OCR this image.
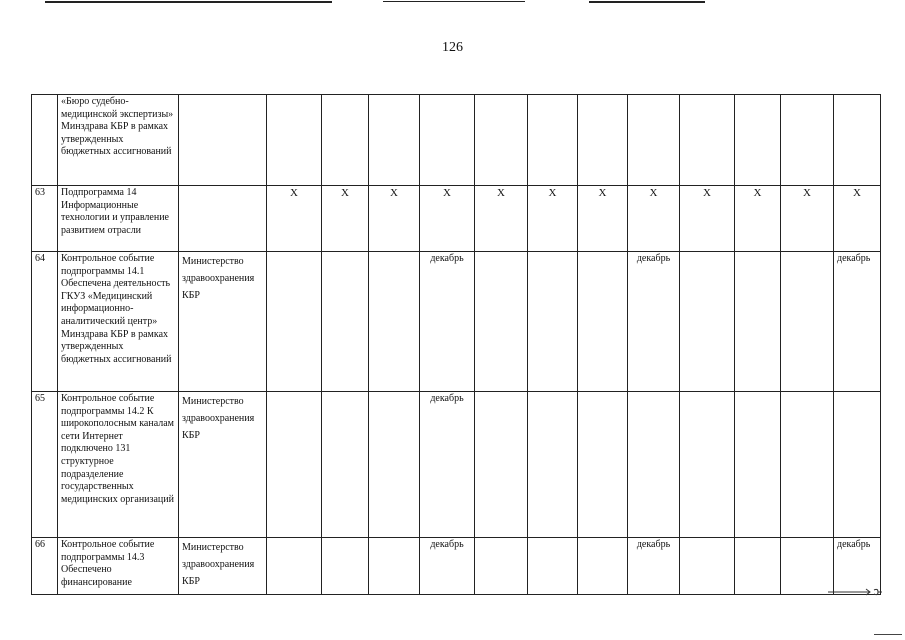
126
	«Бюро судебно-медицинской экспертизы» Минздрава КБР в рамках утвержденных бюджетных ассигнований													
63	Подпрограмма 14 Информационные технологии и управление развитием отрасли		X	X	X	X	X	X	X	X	X	X	X	X
64	Контрольное событие подпрограммы 14.1 Обеспечена деятельность ГКУЗ «Медицинский информационно-аналитический центр» Минздрава КБР в рамках утвержденных бюджетных ассигнований	Министерство здравоохранения КБР				декабрь				декабрь				декабрь
65	Контрольное событие подпрограммы 14.2 К широкополосным каналам сети Интернет подключено 131 структурное подразделение государственных медицинских организаций	Министерство здравоохранения КБР				декабрь								
66	Контрольное событие подпрограммы 14.3 Обеспечено финансирование	Министерство здравоохранения КБР				декабрь				декабрь				декабрь
